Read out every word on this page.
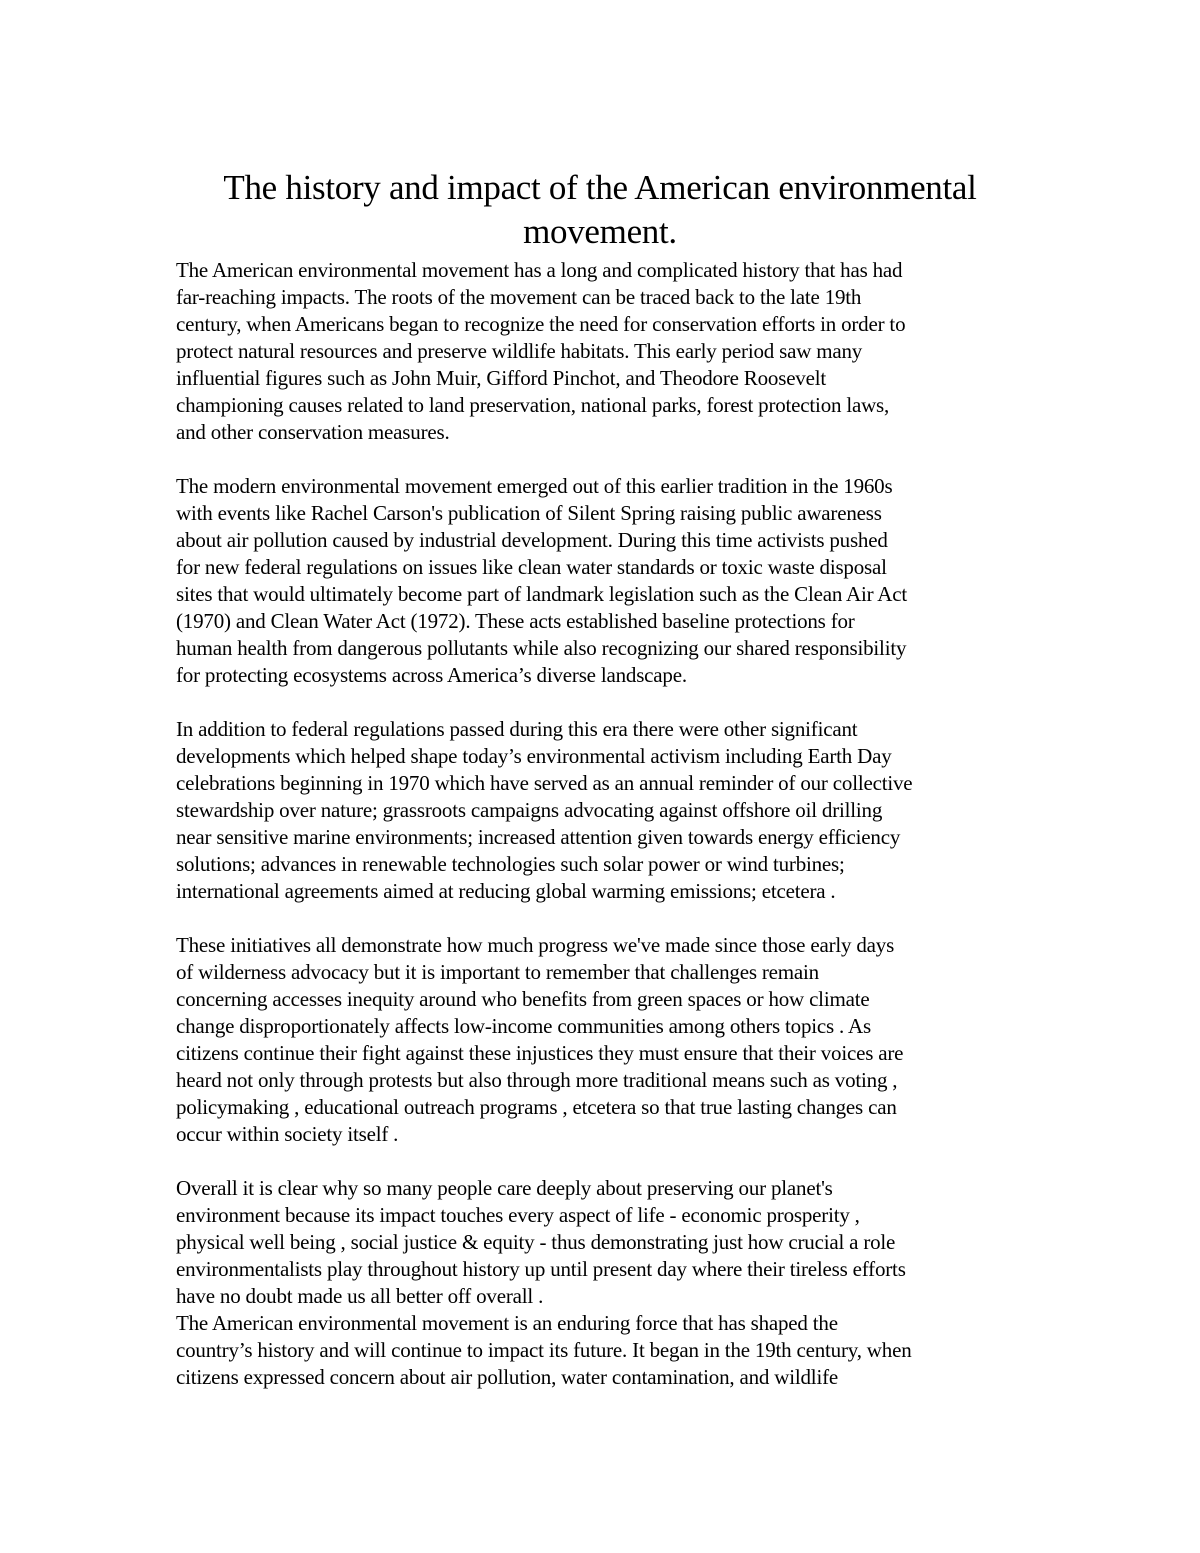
The history and impact of the American environmental
movement.

The American environmental movement has a long and complicated history that has had
far-reaching impacts. The roots of the movement can be traced back to the late 19th
century, when Americans began to recognize the need for conservation efforts in order to
protect natural resources and preserve wildlife habitats. This early period saw many
influential figures such as John Muir, Gifford Pinchot, and Theodore Roosevelt
championing causes related to land preservation, national parks, forest protection laws,
and other conservation measures.

The modern environmental movement emerged out of this earlier tradition in the 1960s
with events like Rachel Carson's publication of Silent Spring raising public awareness
about air pollution caused by industrial development. During this time activists pushed
for new federal regulations on issues like clean water standards or toxic waste disposal
sites that would ultimately become part of landmark legislation such as the Clean Air Act
(1970) and Clean Water Act (1972). These acts established baseline protections for
human health from dangerous pollutants while also recognizing our shared responsibility
for protecting ecosystems across America’s diverse landscape.

In addition to federal regulations passed during this era there were other significant
developments which helped shape today’s environmental activism including Earth Day
celebrations beginning in 1970 which have served as an annual reminder of our collective
stewardship over nature; grassroots campaigns advocating against offshore oil drilling
near sensitive marine environments; increased attention given towards energy efficiency
solutions; advances in renewable technologies such solar power or wind turbines;
international agreements aimed at reducing global warming emissions; etcetera .

These initiatives all demonstrate how much progress we've made since those early days
of wilderness advocacy but it is important to remember that challenges remain
concerning accesses inequity around who benefits from green spaces or how climate
change disproportionately affects low-income communities among others topics . As
citizens continue their fight against these injustices they must ensure that their voices are
heard not only through protests but also through more traditional means such as voting ,
policymaking , educational outreach programs , etcetera so that true lasting changes can
occur within society itself .

Overall it is clear why so many people care deeply about preserving our planet's
environment because its impact touches every aspect of life - economic prosperity ,
physical well being , social justice & equity - thus demonstrating just how crucial a role
environmentalists play throughout history up until present day where their tireless efforts
have no doubt made us all better off overall .

The American environmental movement is an enduring force that has shaped the
country’s history and will continue to impact its future. It began in the 19th century, when
citizens expressed concern about air pollution, water contamination, and wildlife
